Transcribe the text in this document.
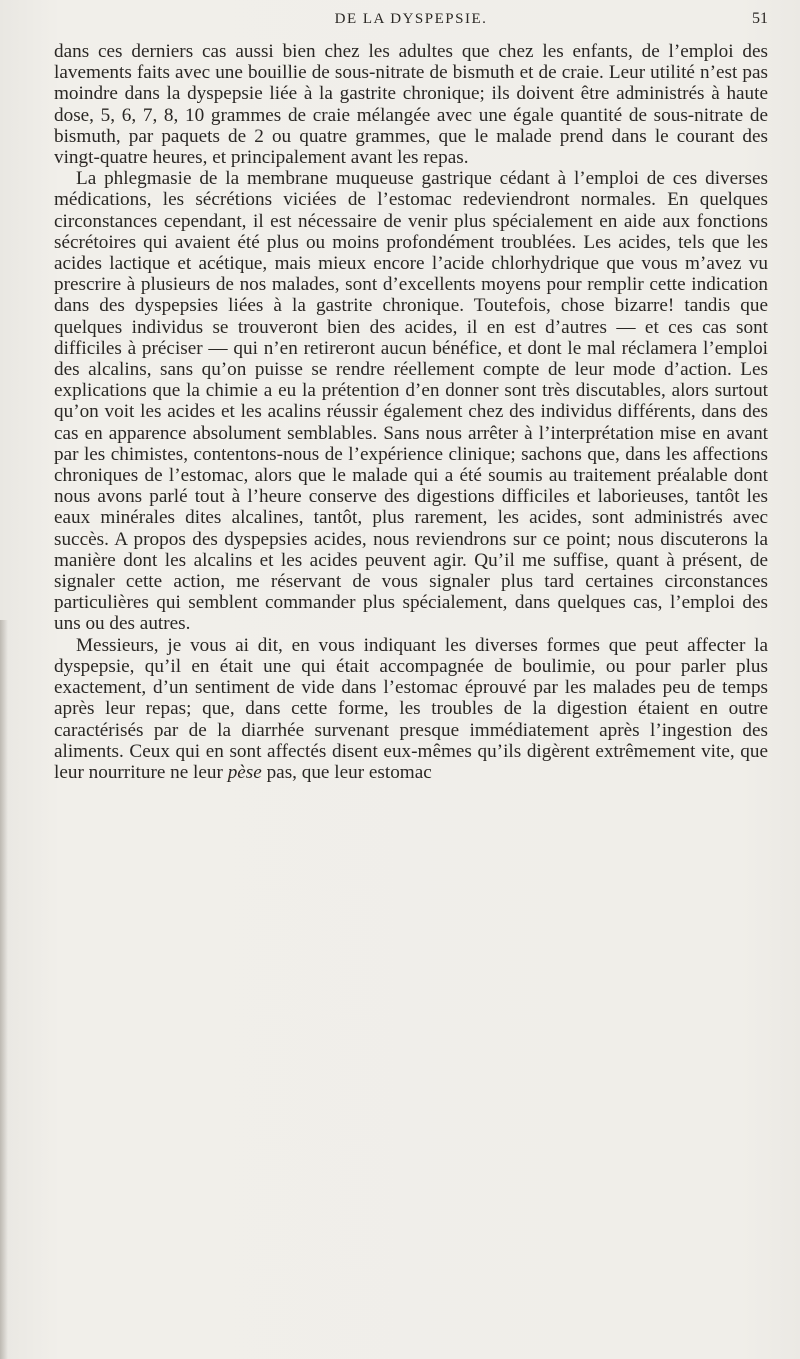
DE LA DYSPEPSIE.	51

dans ces derniers cas aussi bien chez les adultes que chez les enfants, de l’emploi des lavements faits avec une bouillie de sous-nitrate de bismuth et de craie. Leur utilité n’est pas moindre dans la dyspepsie liée à la gastrite chronique; ils doivent être administrés à haute dose, 5, 6, 7, 8, 10 grammes de craie mélangée avec une égale quantité de sous-nitrate de bismuth, par paquets de 2 ou quatre grammes, que le malade prend dans le courant des vingt-quatre heures, et principalement avant les repas.

La phlegmasie de la membrane muqueuse gastrique cédant à l’emploi de ces diverses médications, les sécrétions viciées de l’estomac redeviendront normales. En quelques circonstances cependant, il est nécessaire de venir plus spécialement en aide aux fonctions sécrétoires qui avaient été plus ou moins profondément troublées. Les acides, tels que les acides lactique et acétique, mais mieux encore l’acide chlorhydrique que vous m’avez vu prescrire à plusieurs de nos malades, sont d’excellents moyens pour remplir cette indication dans des dyspepsies liées à la gastrite chronique. Toutefois, chose bizarre! tandis que quelques individus se trouveront bien des acides, il en est d’autres — et ces cas sont difficiles à préciser — qui n’en retireront aucun bénéfice, et dont le mal réclamera l’emploi des alcalins, sans qu’on puisse se rendre réellement compte de leur mode d’action. Les explications que la chimie a eu la prétention d’en donner sont très discutables, alors surtout qu’on voit les acides et les acalins réussir également chez des individus différents, dans des cas en apparence absolument semblables. Sans nous arrêter à l’interprétation mise en avant par les chimistes, contentons-nous de l’expérience clinique; sachons que, dans les affections chroniques de l’estomac, alors que le malade qui a été soumis au traitement préalable dont nous avons parlé tout à l’heure conserve des digestions difficiles et laborieuses, tantôt les eaux minérales dites alcalines, tantôt, plus rarement, les acides, sont administrés avec succès. A propos des dyspepsies acides, nous reviendrons sur ce point; nous discuterons la manière dont les alcalins et les acides peuvent agir. Qu’il me suffise, quant à présent, de signaler cette action, me réservant de vous signaler plus tard certaines circonstances particulières qui semblent commander plus spécialement, dans quelques cas, l’emploi des uns ou des autres.

Messieurs, je vous ai dit, en vous indiquant les diverses formes que peut affecter la dyspepsie, qu’il en était une qui était accompagnée de boulimie, ou pour parler plus exactement, d’un sentiment de vide dans l’estomac éprouvé par les malades peu de temps après leur repas; que, dans cette forme, les troubles de la digestion étaient en outre caractérisés par de la diarrhée survenant presque immédiatement après l’ingestion des aliments. Ceux qui en sont affectés disent eux-mêmes qu’ils digèrent extrêmement vite, que leur nourriture ne leur pèse pas, que leur estomac
